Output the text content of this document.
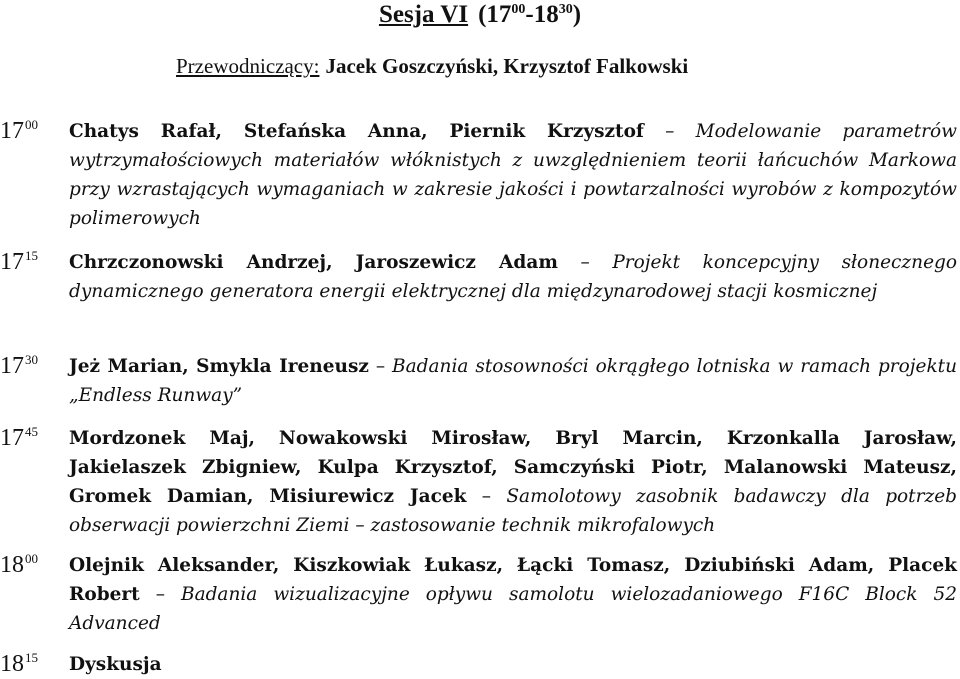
Sesja VI $(17^{00}-18^{30})$
Przewodniczący: Jacek Goszczyński, Krzysztof Falkowski
$17^{00}$ Chatys Rafał, Stefańska Anna, Piernik Krzysztof – Modelowanie parametrów wytrzymałościowych materiałów włóknistych z uwzględnieniem teorii łańcuchów Markowa przy wzrastających wymaganiach w zakresie jakości i powtarzalności wyrobów z kompozytów polimerowych
$17^{15}$ Chrzczonowski Andrzej, Jaroszewicz Adam – Projekt koncepcyjny słonecznego dynamicznego generatora energii elektrycznej dla międzynarodowej stacji kosmicznej
$17^{30}$ Jeż Marian, Smykla Ireneusz – Badania stosowności okrągłego lotniska w ramach projektu „Endless Runway”
$17^{45}$ Mordzonek Maj, Nowakowski Mirosław, Bryl Marcin, Krzonkalla Jarosław, Jakielaszek Zbigniew, Kulpa Krzysztof, Samczyński Piotr, Malanowski Mateusz, Gromek Damian, Misiurewicz Jacek – Samolotowy zasobnik badawczy dla potrzeb obserwacji powierzchni Ziemi – zastosowanie technik mikrofalowych
$18^{00}$ Olejnik Aleksander, Kiszkowiak Łukasz, Łącki Tomasz, Dziubiński Adam, Placek Robert – Badania wizualizacyjne opływu samolotu wielozadaniowego F16C Block 52 Advanced
$18^{15}$ Dyskusja
